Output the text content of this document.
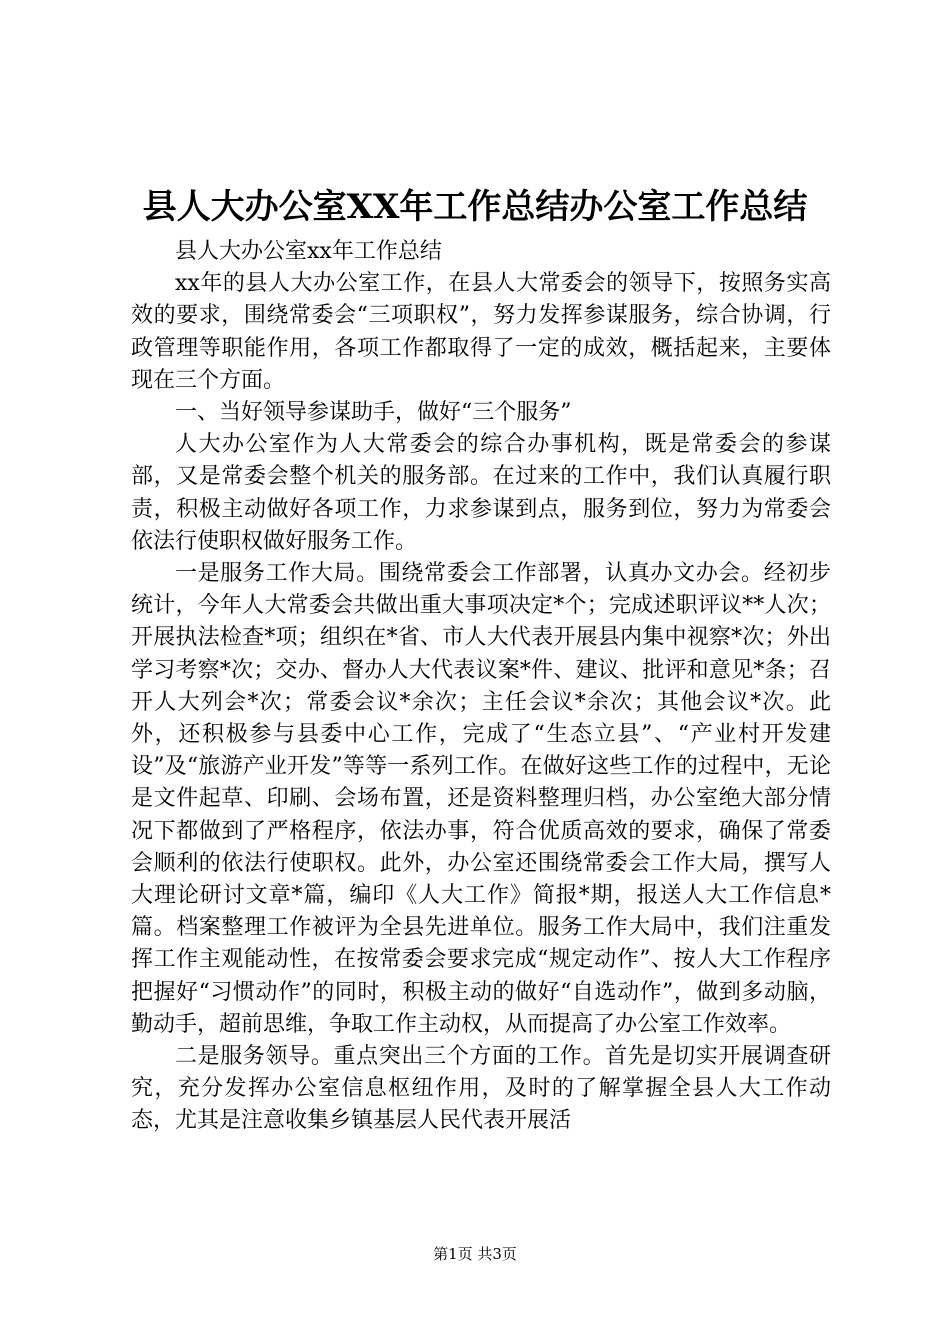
县人大办公室XX年工作总结办公室工作总结

县人大办公室xx年工作总结

xx年的县人大办公室工作，在县人大常委会的领导下，按照务实高效的要求，围绕常委会“三项职权”，努力发挥参谋服务，综合协调，行政管理等职能作用，各项工作都取得了一定的成效，概括起来，主要体现在三个方面。

一、当好领导参谋助手，做好“三个服务”

人大办公室作为人大常委会的综合办事机构，既是常委会的参谋部，又是常委会整个机关的服务部。在过来的工作中，我们认真履行职责，积极主动做好各项工作，力求参谋到点，服务到位，努力为常委会依法行使职权做好服务工作。

一是服务工作大局。围绕常委会工作部署，认真办文办会。经初步统计，今年人大常委会共做出重大事项决定*个；完成述职评议**人次；开展执法检查*项；组织在*省、市人大代表开展县内集中视察*次；外出学习考察*次；交办、督办人大代表议案*件、建议、批评和意见*条；召开人大列会*次；常委会议*余次；主任会议*余次；其他会议*次。此外，还积极参与县委中心工作，完成了“生态立县”、“产业村开发建设”及“旅游产业开发”等等一系列工作。在做好这些工作的过程中，无论是文件起草、印刷、会场布置，还是资料整理归档，办公室绝大部分情况下都做到了严格程序，依法办事，符合优质高效的要求，确保了常委会顺利的依法行使职权。此外，办公室还围绕常委会工作大局，撰写人大理论研讨文章*篇，编印《人大工作》简报*期，报送人大工作信息*篇。档案整理工作被评为全县先进单位。服务工作大局中，我们注重发挥工作主观能动性，在按常委会要求完成“规定动作”、按人大工作程序把握好“习惯动作”的同时，积极主动的做好“自选动作”，做到多动脑，勤动手，超前思维，争取工作主动权，从而提高了办公室工作效率。

二是服务领导。重点突出三个方面的工作。首先是切实开展调查研究，充分发挥办公室信息枢纽作用，及时的了解掌握全县人大工作动态，尤其是注意收集乡镇基层人民代表开展活

第1页 共3页
